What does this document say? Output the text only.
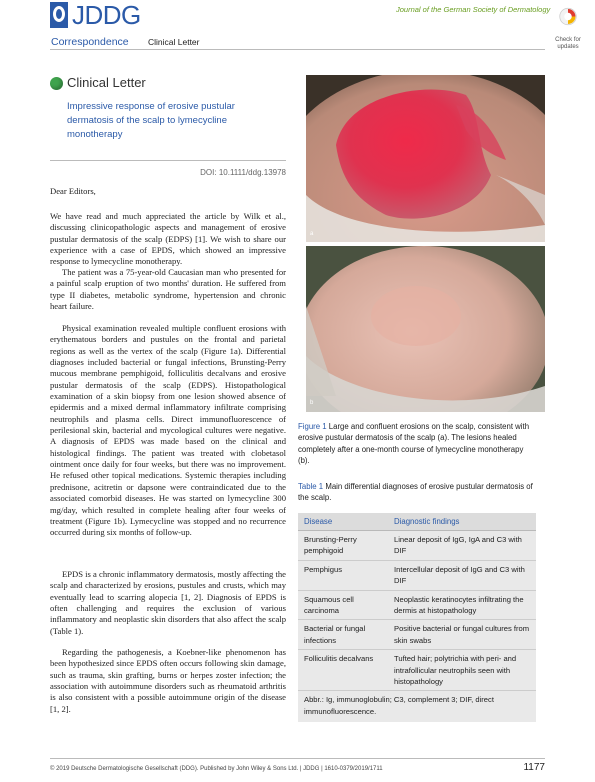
JDDG	Journal of the German Society of Dermatology
Check for updates
Correspondence Clinical Letter
Clinical Letter
Impressive response of erosive pustular dermatosis of the scalp to lymecycline monotherapy
DOI: 10.1111/ddg.13978
Dear Editors,
We have read and much appreciated the article by Wilk et al., discussing clinicopathologic aspects and management of erosive pustular dermatosis of the scalp (EDPS) [1]. We wish to share our experience with a case of EPDS, which showed an impressive response to lymecycline monotherapy.
The patient was a 75-year-old Caucasian man who presented for a painful scalp eruption of two months' duration. He suffered from type II diabetes, metabolic syndrome, hypertension and chronic heart failure.
Physical examination revealed multiple confluent erosions with erythematous borders and pustules on the frontal and parietal regions as well as the vertex of the scalp (Figure 1a). Differential diagnoses included bacterial or fungal infections, Brunsting-Perry mucous membrane pemphigoid, folliculitis decalvans and erosive pustular dermatosis of the scalp (EDPS). Histopathological examination of a skin biopsy from one lesion showed absence of epidermis and a mixed dermal inflammatory infiltrate comprising neutrophils and plasma cells. Direct immunofluorescence of perilesional skin, bacterial and mycological cultures were negative. A diagnosis of EPDS was made based on the clinical and histological findings. The patient was treated with clobetasol ointment once daily for four weeks, but there was no improvement. He refused other topical medications. Systemic therapies including prednisone, acitretin or dapsone were contraindicated due to the associated comorbid diseases. He was started on lymecycline 300 mg/day, which resulted in complete healing after four weeks of treatment (Figure 1b). Lymecycline was stopped and no recurrence occurred during six months of follow-up.
EPDS is a chronic inflammatory dermatosis, mostly affecting the scalp and characterized by erosions, pustules and crusts, which may eventually lead to scarring alopecia [1, 2]. Diagnosis of EPDS is often challenging and requires the exclusion of various inflammatory and neoplastic skin disorders that also affect the scalp (Table 1).
Regarding the pathogenesis, a Koebner-like phenomenon has been hypothesized since EPDS often occurs following skin damage, such as trauma, skin grafting, burns or herpes zoster infection; the association with autoimmune disorders such as rheumatoid arthritis is also consistent with a possible autoimmune origin of the disease [1, 2].
a
b
Figure 1 Large and confluent erosions on the scalp, consistent with erosive pustular dermatosis of the scalp (a). The lesions healed completely after a one-month course of lymecycline monotherapy (b).
Table 1 Main differential diagnoses of erosive pustular dermatosis of the scalp.
Disease	Diagnostic findings
Brunsting-Perry pemphigoid	Linear deposit of IgG, IgA and C3 with DIF
Pemphigus	Intercellular deposit of IgG and C3 with DIF
Squamous cell carcinoma	Neoplastic keratinocytes infiltrating the dermis at histopathology
Bacterial or fungal infections	Positive bacterial or fungal cultures from skin swabs
Folliculitis decalvans	Tufted hair; polytrichia with peri- and intrafollicular neutrophils seen with histopathology
Abbr.: Ig, immunoglobulin; C3, complement 3; DIF, direct immunofluorescence.	
© 2019 Deutsche Dermatologische Gesellschaft (DDG). Published by John Wiley & Sons Ltd. | JDDG | 1610-0379/2019/1711	1177
